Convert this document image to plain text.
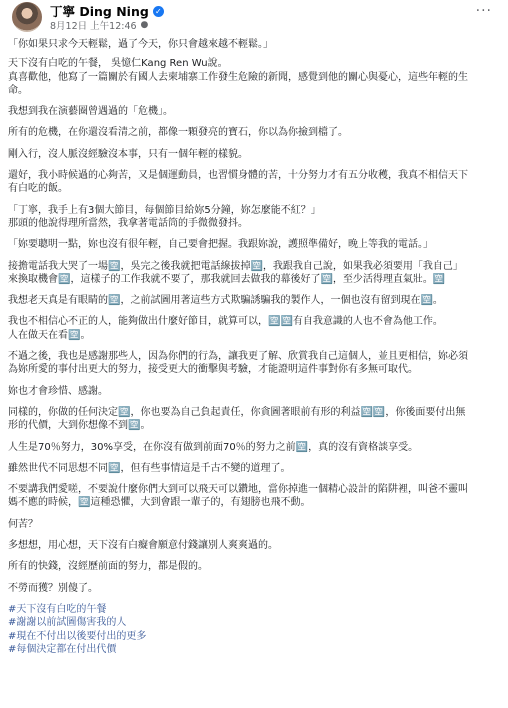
丁寧 Ding Ning ✓
8月12日 上午12:46 ●
···

「你如果只求今天輕鬆，過了今天，你只會越來越不輕鬆。」

天下沒有白吃的午餐， 吳憶仁Kang Ren Wu說。

真喜歡他，他寫了一篇關於有國人去柬埔寨工作發生危險的新聞，感覺到他的關心與憂心，這些年輕的生命。

我想到我在演藝圈曾遇過的「危機」。

所有的危機，在你還沒看清之前，都像一顆發亮的寶石，你以為你撿到檔了。

剛入行，沒人脈沒經驗沒本事，只有一個年輕的樣貌。

還好，我小時候過的心夠苦，又是個運動員，也習慣身體的苦，十分努力才有五分收穫，我真不相信天下有白吃的飯。

「丁寧，我手上有3個大節目，每個節目給妳5分鐘，妳怎麼能不紅？」

那頭的他說得理所當然，我拿著電話筒的手微微發抖。

「妳要聰明一點，妳也沒有很年輕，自己要會把握。我跟妳說，護照準備好，晚上等我的電話。」

接擔電話我大哭了一場🈳，吳完之後我就把電話線拔掉🈳，我跟我自己說，如果我必須要用「我自己」來換取機會🈳，這樣子的工作我就不要了，那我就回去做我的幕後好了🈳，至少活得理直氣壯。🈳

我想老天真是有眼睛的🈳，之前試圖用著這些方式欺騙誘騙我的製作人，一個也沒有留到現在🈳。

我也不相信心不正的人，能夠做出什麼好節目，就算可以，🈳🈳有自我意識的人也不會為他工作。

人在做天在看🈳。

不過之後，我也是感謝那些人，因為你們的行為，讓我更了解、欣賞我自己這個人，並且更相信，妳必須為妳所愛的事付出更大的努力，接受更大的衝擊與考驗，才能證明這件事對你有多無可取代。

妳也才會珍惜、感謝。

同樣的，你做的任何決定🈳，你也要為自己負起責任，你貪圖著眼前有形的利益🈳🈳，你後面要付出無形的代價，大到你想像不到🈳。

人生是70％努力，30%享受，在你沒有做到前面70％的努力之前🈳，真的沒有資格談享受。

雖然世代不同思想不同🈳，但有些事情這是千古不變的道理了。

不要講我們愛嗟，不要說什麼你們大到可以飛天可以鑽地，當你掉進一個精心設計的陷阱裡，叫爸不靈叫媽不應的時候，🈳這種恐懼，大到會跟一輩子的，有翅膀也飛不動。

何苦？

多想想，用心想，天下沒有白癡會願意付錢讓別人爽爽過的。

所有的快錢，沒經歷前面的努力，都是假的。

不勞而獲？別傻了。

#天下沒有白吃的午餐
#謝謝以前試圖傷害我的人
#現在不付出以後要付出的更多
#每個決定都在付出代價
